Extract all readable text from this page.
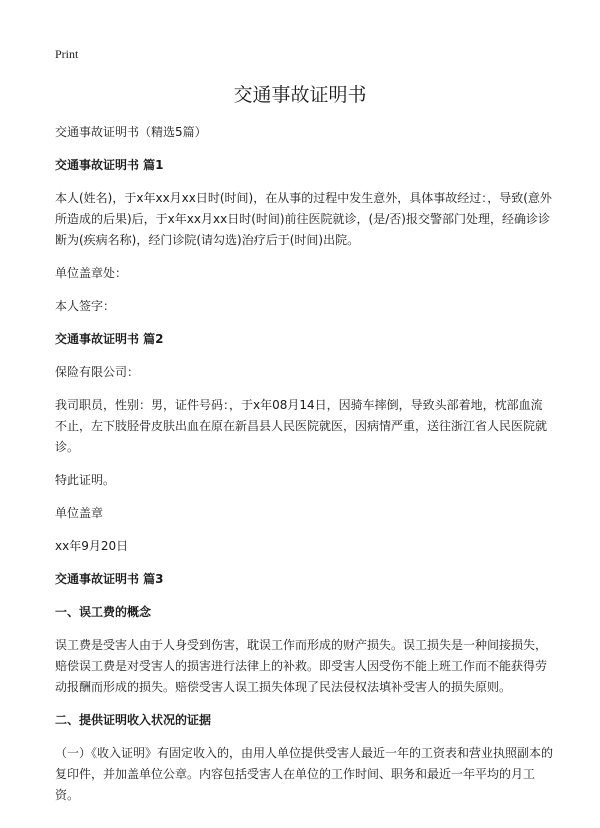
Print
交通事故证明书

交通事故证明书（精选5篇）

交通事故证明书 篇1

本人(姓名)，于x年xx月xx日时(时间)，在从事的过程中发生意外，具体事故经过：，导致(意外所造成的后果)后，于x年xx月xx日时(时间)前往医院就诊，(是/否)报交警部门处理，经确诊诊断为(疾病名称)，经门诊院(请勾选)治疗后于(时间)出院。

单位盖章处：

本人签字：

交通事故证明书 篇2

保险有限公司：

我司职员，性别：男，证件号码：，于x年08月14日，因骑车摔倒，导致头部着地，枕部血流不止，左下肢胫骨皮肤出血在原在新昌县人民医院就医，因病情严重，送往浙江省人民医院就诊。

特此证明。

单位盖章

xx年9月20日

交通事故证明书 篇3
一、误工费的概念

误工费是受害人由于人身受到伤害，耽误工作而形成的财产损失。误工损失是一种间接损失，赔偿误工费是对受害人的损害进行法律上的补救。即受害人因受伤不能上班工作而不能获得劳动报酬而形成的损失。赔偿受害人误工损失体现了民法侵权法填补受害人的损失原则。

二、提供证明收入状况的证据

（一）《收入证明》有固定收入的，由用人单位提供受害人最近一年的工资表和营业执照副本的复印件，并加盖单位公章。内容包括受害人在单位的工作时间、职务和最近一年平均的月工资。
